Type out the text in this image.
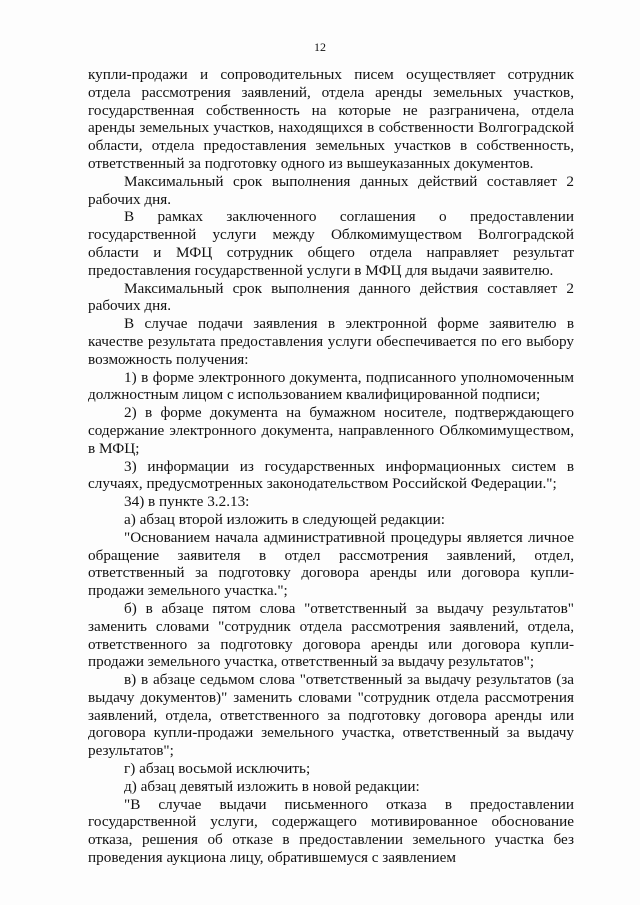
12

купли-продажи и сопроводительных писем осуществляет сотрудник отдела рассмотрения заявлений, отдела аренды земельных участков, государственная собственность на которые не разграничена, отдела аренды земельных участков, находящихся в собственности Волгоградской области, отдела предоставления земельных участков в собственность, ответственный за подготовку одного из вышеуказанных документов.

Максимальный срок выполнения данных действий составляет 2 рабочих дня.

В рамках заключенного соглашения о предоставлении государственной услуги между Облкомимуществом Волгоградской области и МФЦ сотрудник общего отдела направляет результат предоставления государственной услуги в МФЦ для выдачи заявителю.

Максимальный срок выполнения данного действия составляет 2 рабочих дня.

В случае подачи заявления в электронной форме заявителю в качестве результата предоставления услуги обеспечивается по его выбору возможность получения:

1) в форме электронного документа, подписанного уполномоченным должностным лицом с использованием квалифицированной подписи;

2) в форме документа на бумажном носителе, подтверждающего содержание электронного документа, направленного Облкомимуществом, в МФЦ;

3) информации из государственных информационных систем в случаях, предусмотренных законодательством Российской Федерации.";

34) в пункте 3.2.13:

а) абзац второй изложить в следующей редакции:

"Основанием начала административной процедуры является личное обращение заявителя в отдел рассмотрения заявлений, отдел, ответственный за подготовку договора аренды или договора купли-продажи земельного участка.";

б) в абзаце пятом слова "ответственный за выдачу результатов" заменить словами "сотрудник отдела рассмотрения заявлений, отдела, ответственного за подготовку договора аренды или договора купли-продажи земельного участка, ответственный за выдачу результатов";

в) в абзаце седьмом слова "ответственный за выдачу результатов (за выдачу документов)" заменить словами "сотрудник отдела рассмотрения заявлений, отдела, ответственного за подготовку договора аренды или договора купли-продажи земельного участка, ответственный за выдачу результатов";

г) абзац восьмой исключить;

д) абзац девятый изложить в новой редакции:

"В случае выдачи письменного отказа в предоставлении государственной услуги, содержащего мотивированное обоснование отказа, решения об отказе в предоставлении земельного участка без проведения аукциона лицу, обратившемуся с заявлением
